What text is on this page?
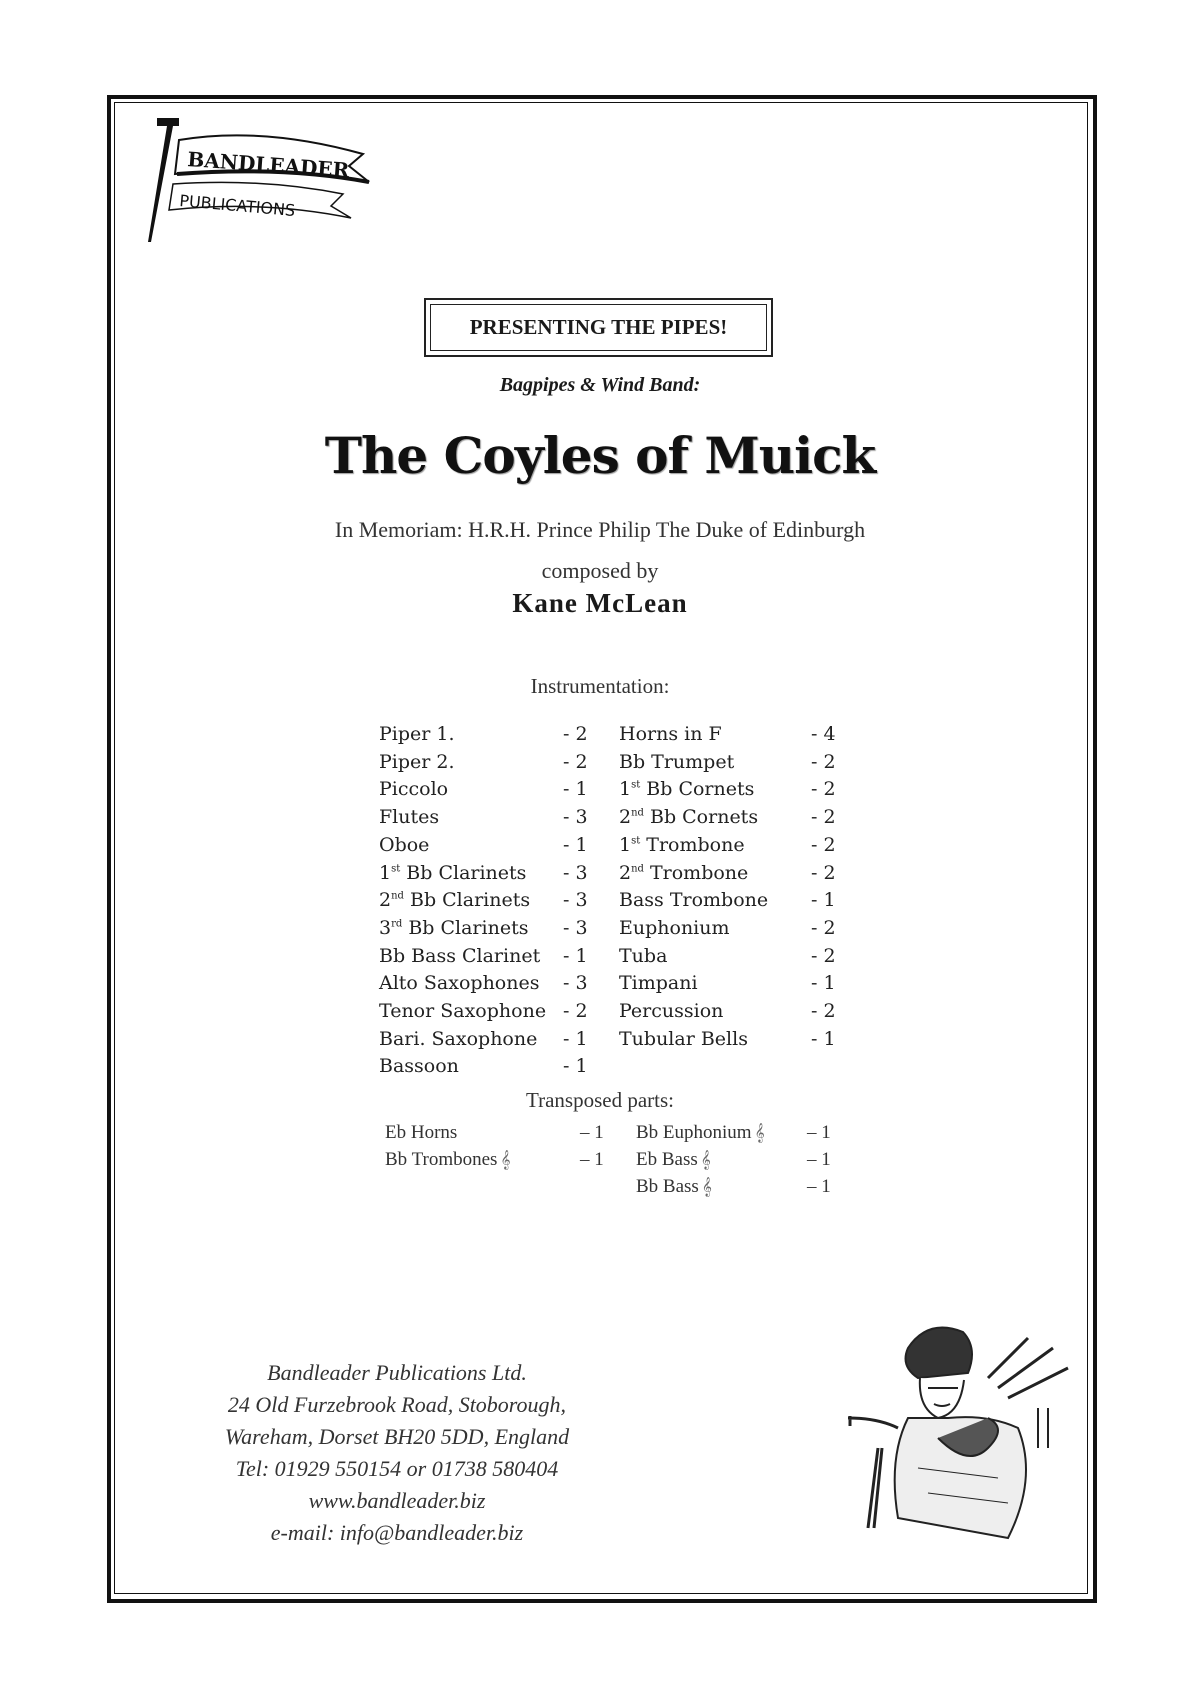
BANDLEADER
PUBLICATIONS
PRESENTING THE PIPES!
Bagpipes & Wind Band:
The Coyles of Muick
In Memoriam: H.R.H. Prince Philip The Duke of Edinburgh
composed by
Kane McLean
Instrumentation:
Piper 1.	- 2
Piper 2.	- 2
Piccolo	- 1
Flutes	- 3
Oboe	- 1
1st Bb Clarinets - 3
2nd Bb Clarinets - 3
3rd Bb Clarinets - 3
Bb Bass Clarinet - 1
Alto Saxophones - 3
Tenor Saxophone - 2
Bari. Saxophone - 1
Bassoon	- 1
Horns in F	- 4
Bb Trumpet	- 2
1st Bb Cornets	- 2
2nd Bb Cornets	- 2
1st Trombone	- 2
2nd Trombone	- 2
Bass Trombone - 1
Euphonium	- 2
Tuba	- 2
Timpani	- 1
Percussion	- 2
Tubular Bells	- 1
Transposed parts:
Eb Horns	– 1
Bb Trombones 𝄞	– 1
Bb Euphonium 𝄞 – 1
Eb Bass 𝄞	– 1
Bb Bass 𝄞	– 1
Bandleader Publications Ltd.
24 Old Furzebrook Road, Stoborough,
Wareham, Dorset BH20 5DD, England
Tel: 01929 550154 or 01738 580404
www.bandleader.biz
e-mail: info@bandleader.biz
